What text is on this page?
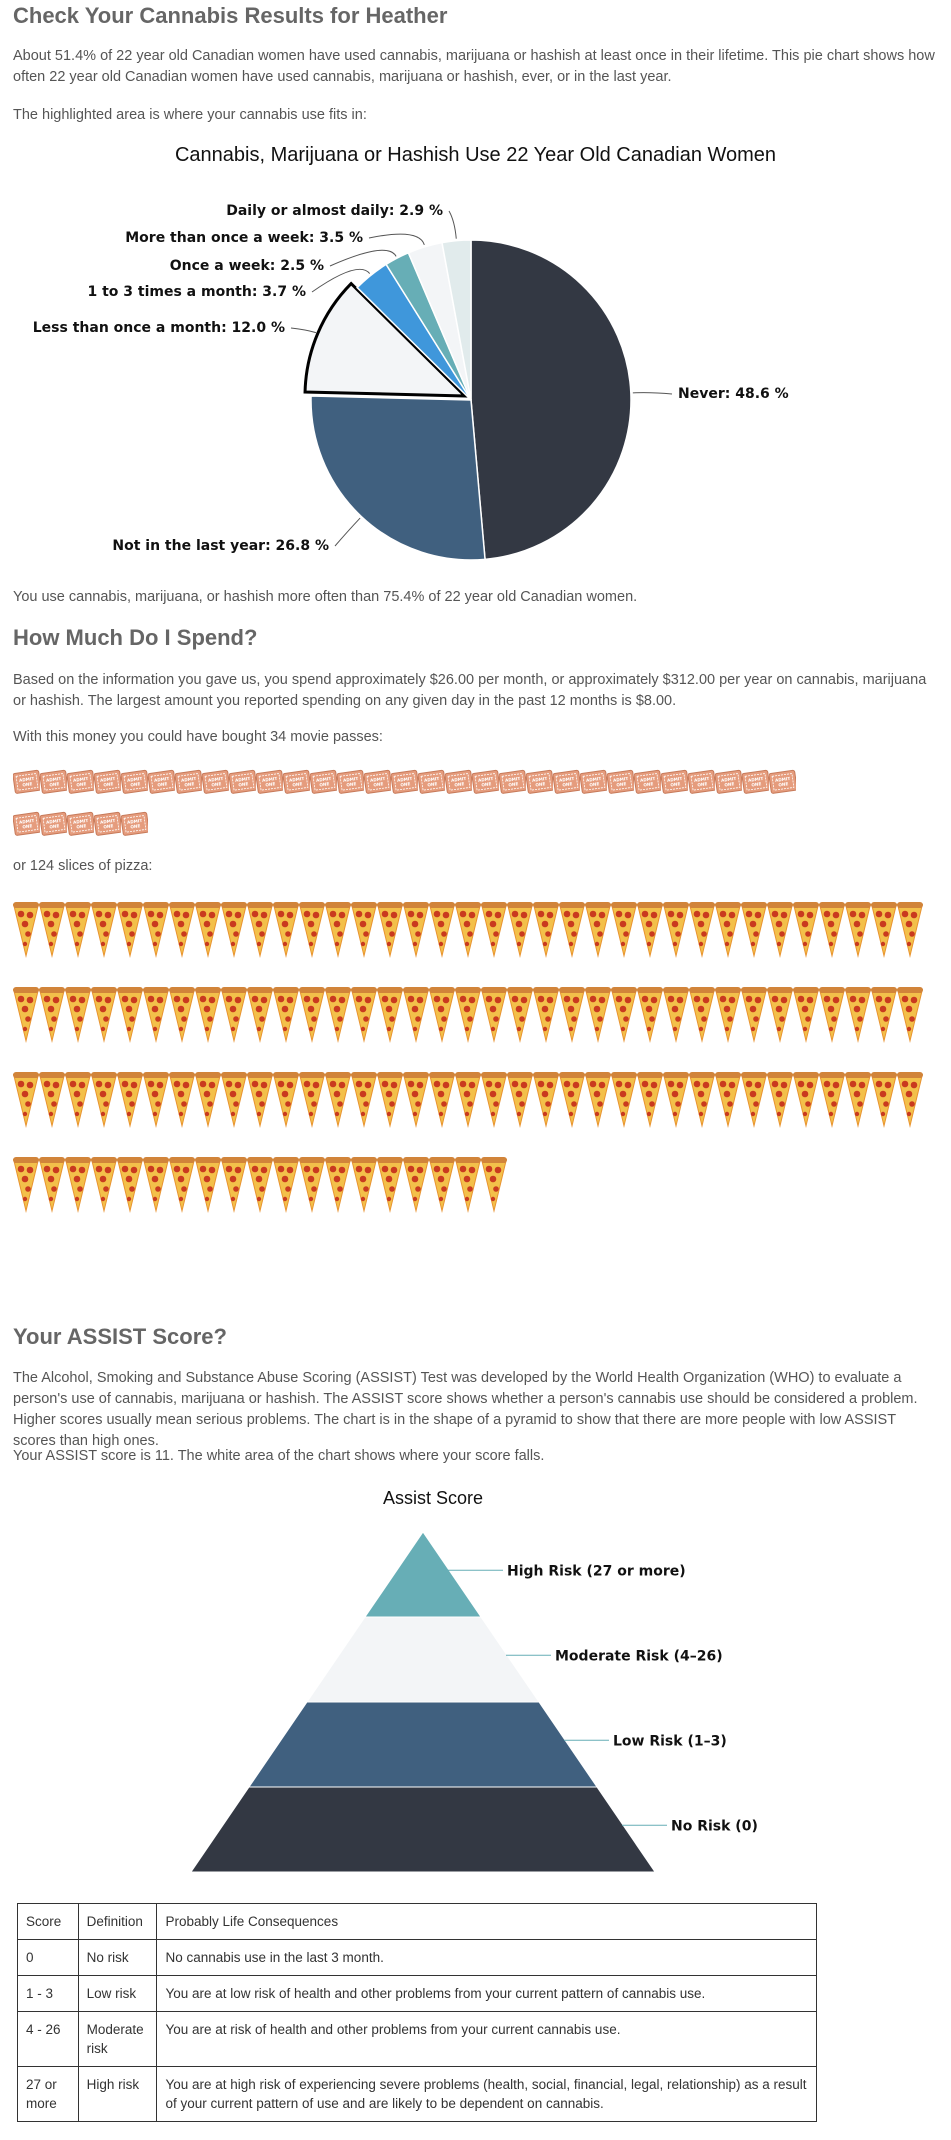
Check Your Cannabis Results for Heather

About 51.4% of 22 year old Canadian women have used cannabis, marijuana or hashish at least once in their lifetime. This pie chart shows how often 22 year old Canadian women have used cannabis, marijuana or hashish, ever, or in the last year.

The highlighted area is where your cannabis use fits in:

Cannabis, Marijuana or Hashish Use 22 Year Old Canadian Women
Never: 48.6 %
Not in the last year: 26.8 %
Less than once a month: 12.0 %
1 to 3 times a month: 3.7 %
Once a week: 2.5 %
More than once a week: 3.5 %
Daily or almost daily: 2.9 %

You use cannabis, marijuana, or hashish more often than 75.4% of 22 year old Canadian women.

How Much Do I Spend?

Based on the information you gave us, you spend approximately $26.00 per month, or approximately $312.00 per year on cannabis, marijuana or hashish. The largest amount you reported spending on any given day in the past 12 months is $8.00.

With this money you could have bought 34 movie passes:

ADMIT
ONE
ADMIT
ONE
ADMIT
ONE
ADMIT
ONE
ADMIT
ONE
ADMIT
ONE
ADMIT
ONE
ADMIT
ONE
ADMIT
ONE
ADMIT
ONE
ADMIT
ONE
ADMIT
ONE
ADMIT
ONE
ADMIT
ONE
ADMIT
ONE
ADMIT
ONE
ADMIT
ONE
ADMIT
ONE
ADMIT
ONE
ADMIT
ONE
ADMIT
ONE
ADMIT
ONE
ADMIT
ONE
ADMIT
ONE
ADMIT
ONE
ADMIT
ONE
ADMIT
ONE
ADMIT
ONE
ADMIT
ONE
ADMIT
ONE
ADMIT
ONE
ADMIT
ONE
ADMIT
ONE
ADMIT
ONE

or 124 slices of pizza:

Your ASSIST Score?

The Alcohol, Smoking and Substance Abuse Scoring (ASSIST) Test was developed by the World Health Organization (WHO) to evaluate a person's use of cannabis, marijuana or hashish. The ASSIST score shows whether a person's cannabis use should be considered a problem. Higher scores usually mean serious problems. The chart is in the shape of a pyramid to show that there are more people with low ASSIST scores than high ones.

Your ASSIST score is 11. The white area of the chart shows where your score falls.

Assist Score
High Risk (27 or more)
Moderate Risk (4–26)
Low Risk (1–3)
No Risk (0)
Score	Definition	Probably Life Consequences
0	No risk	No cannabis use in the last 3 month.
1 - 3	Low risk	You are at low risk of health and other problems from your current pattern of cannabis use.
4 - 26	Moderate risk	You are at risk of health and other problems from your current cannabis use.
27 or more	High risk	You are at high risk of experiencing severe problems (health, social, financial, legal, relationship) as a result of your current pattern of use and are likely to be dependent on cannabis.
